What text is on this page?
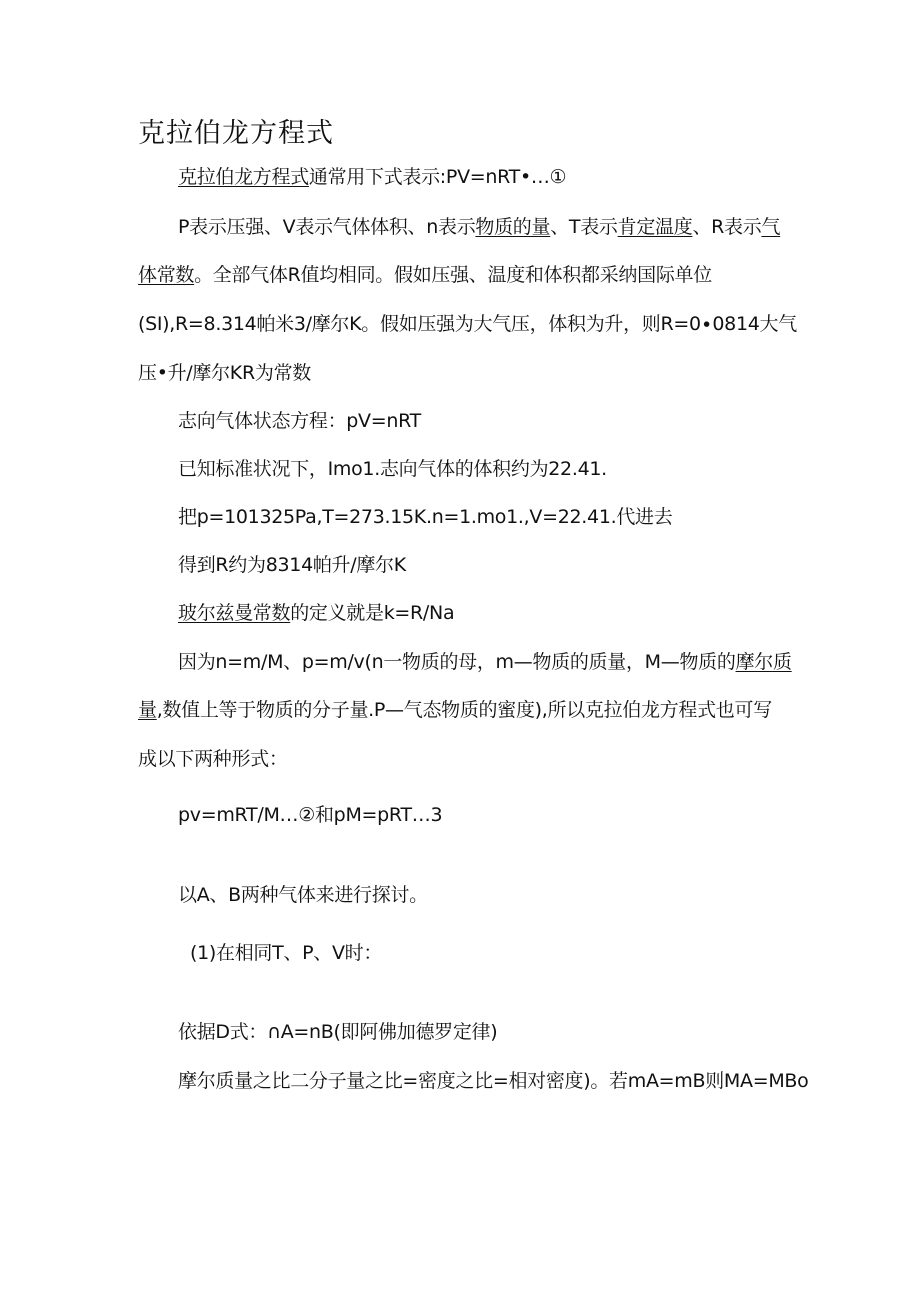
克拉伯龙方程式
克拉伯龙方程式通常用下式表示:PV=nRT•…①
P表示压强、V表示气体体积、n表示物质的量、T表示肯定温度、R表示气
体常数。全部气体R值均相同。假如压强、温度和体积都采纳国际单位
(SI),R=8.314帕米3/摩尔K。假如压强为大气压，体积为升，则R=0∙0814大气
压•升/摩尔KR为常数
志向气体状态方程：pV=nRT
已知标准状况下，Imo1.志向气体的体积约为22.41.
把p=101325Pa,T=273.15K.n=1.mo1.,V=22.41.代进去
得到R约为8314帕升/摩尔K
玻尔兹曼常数的定义就是k=R∕Na
因为n=m/M、p=m∕v(n一物质的母，m—物质的质量，M—物质的摩尔质
量,数值上等于物质的分子量.P—气态物质的蜜度),所以克拉伯龙方程式也可写
成以下两种形式：
pv=mRT∕M…②和pM=pRT…3
以A、B两种气体来进行探讨。
(1)在相同T、P、V时：
依据D式：∩A=nB(即阿佛加德罗定律)
摩尔质量之比二分子量之比=密度之比=相对密度)。若mA=mB则MA=MBo
